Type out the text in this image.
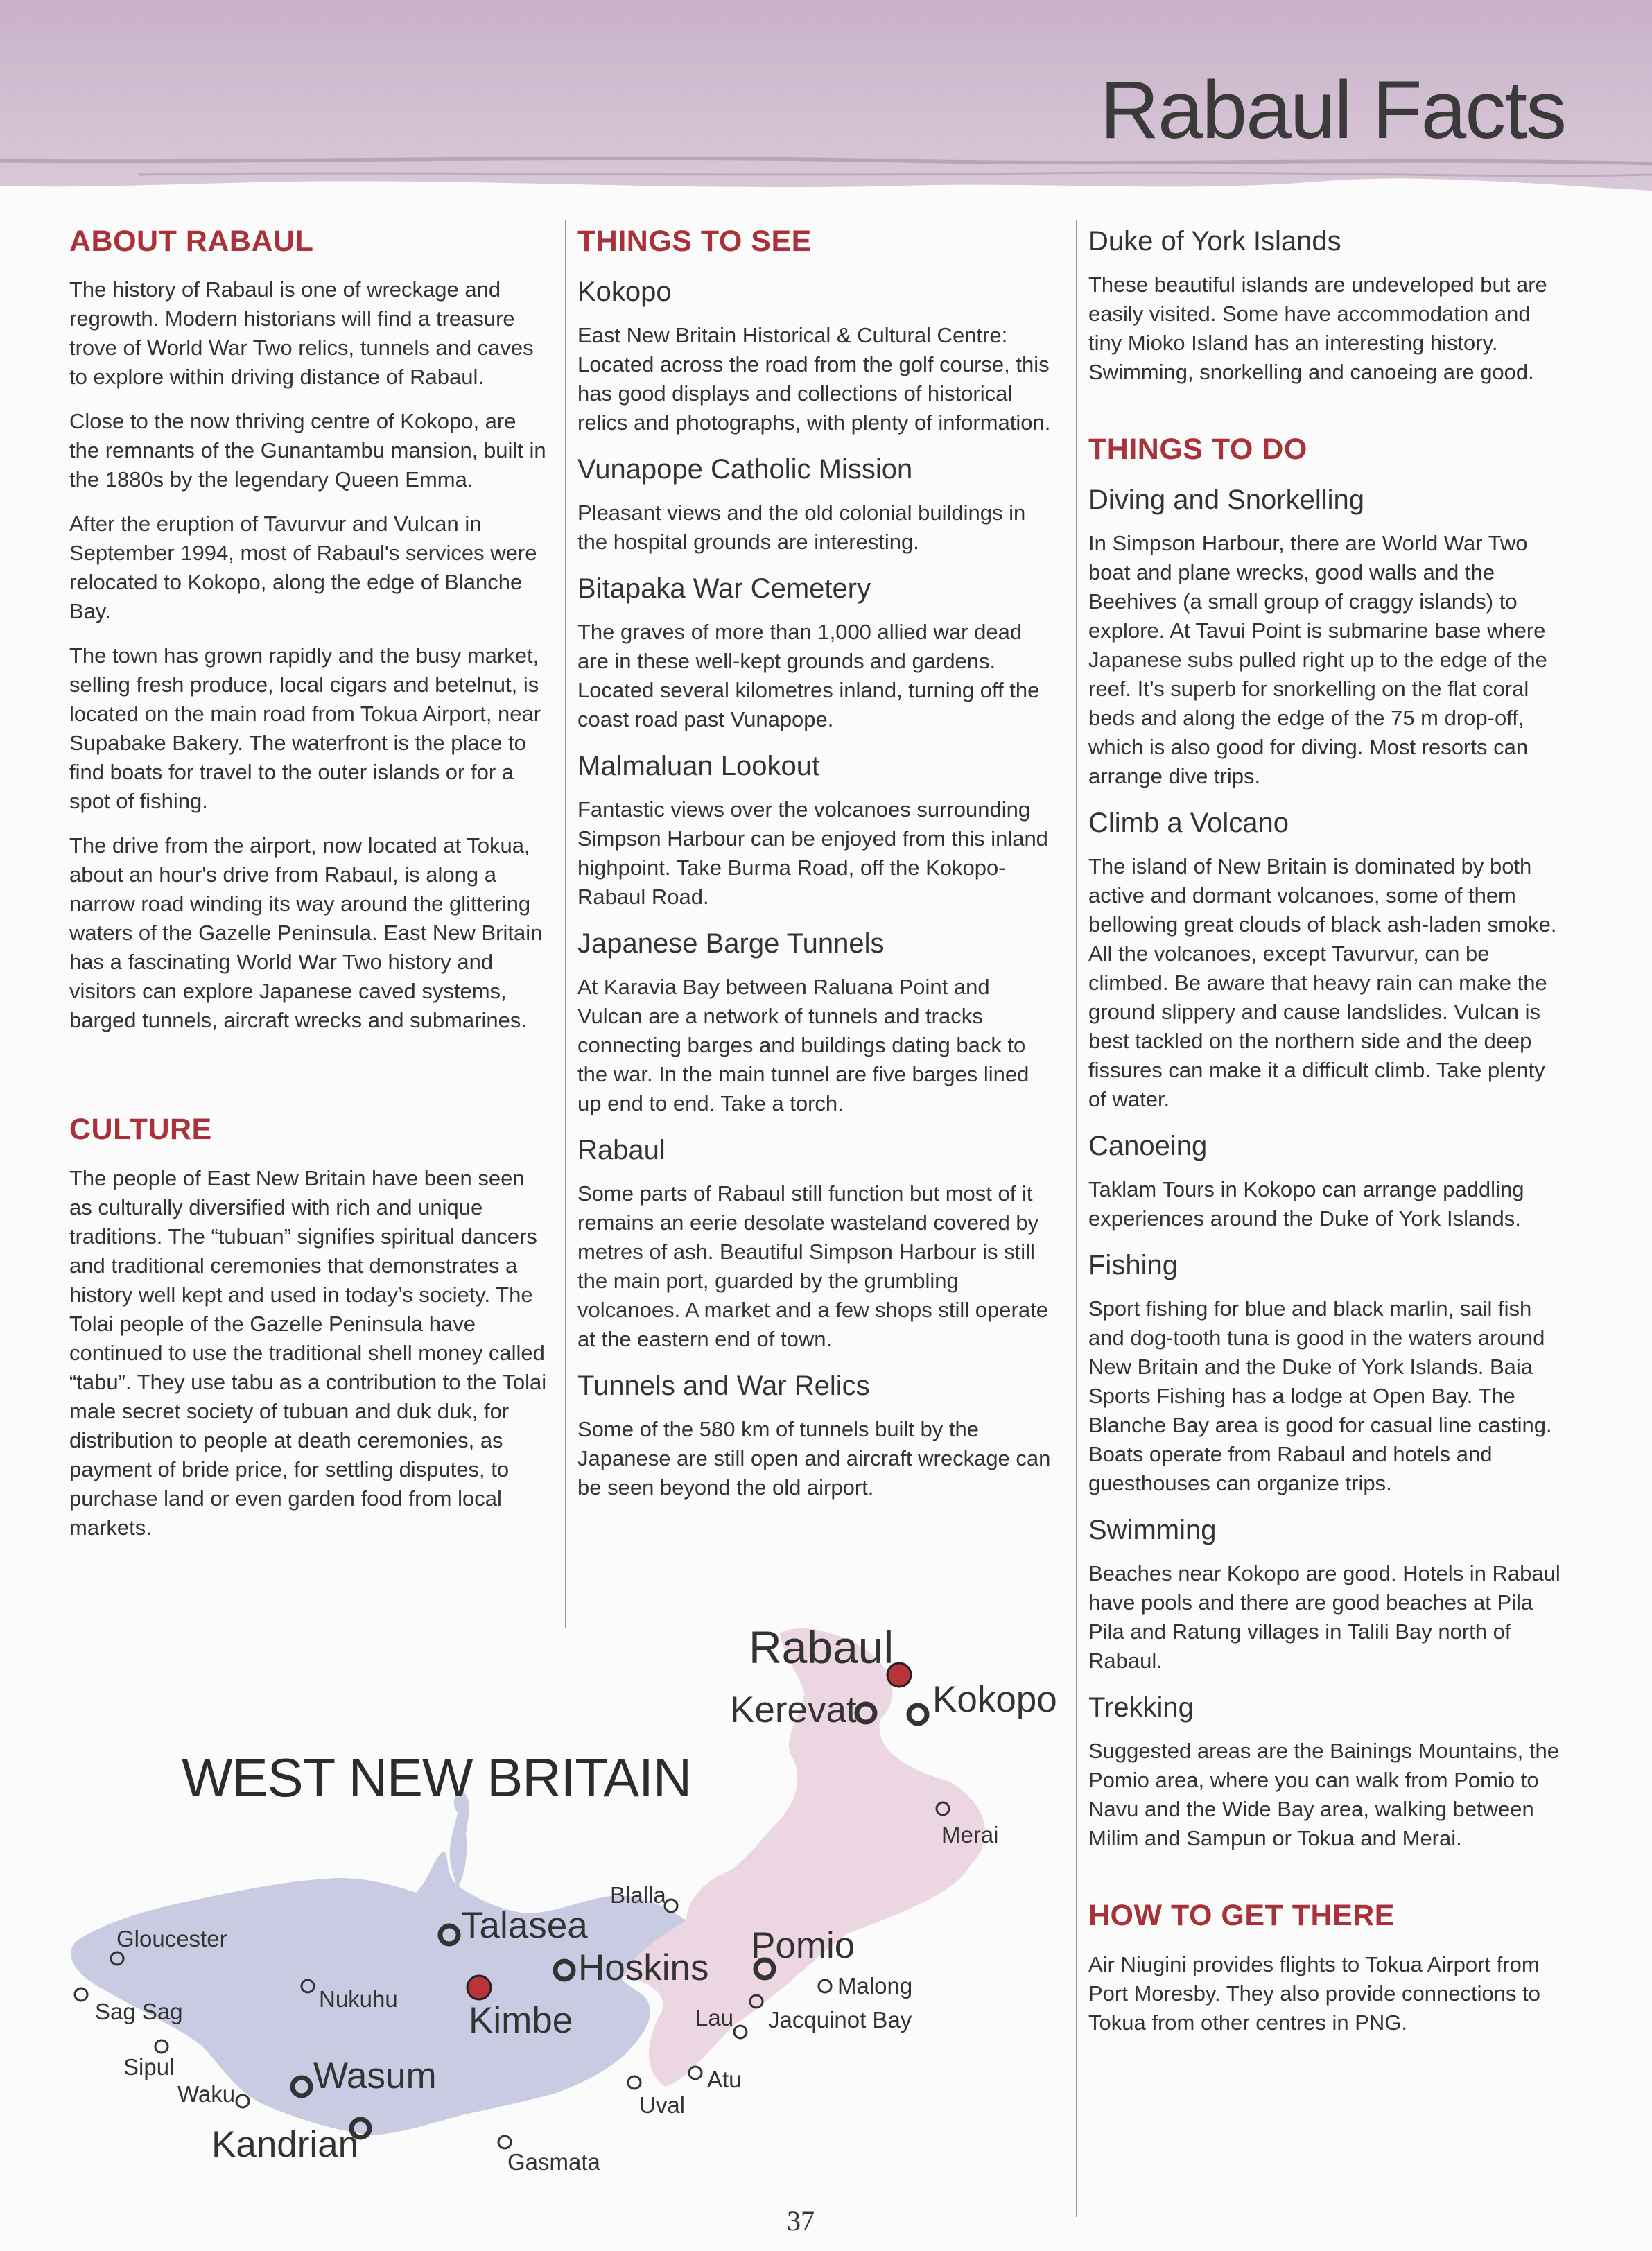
Rabaul Facts
ABOUT RABAUL

The history of Rabaul is one of wreckage and regrowth. Modern historians will find a treasure trove of World War Two relics, tunnels and caves to explore within driving distance of Rabaul.

Close to the now thriving centre of Kokopo, are the remnants of the Gunantambu mansion, built in the 1880s by the legendary Queen Emma.

After the eruption of Tavurvur and Vulcan in September 1994, most of Rabaul's services were relocated to Kokopo, along the edge of Blanche Bay.

The town has grown rapidly and the busy market, selling fresh produce, local cigars and betelnut, is located on the main road from Tokua Airport, near Supabake Bakery. The waterfront is the place to find boats for travel to the outer islands or for a spot of fishing.

The drive from the airport, now located at Tokua, about an hour's drive from Rabaul, is along a narrow road winding its way around the glittering waters of the Gazelle Peninsula. East New Britain has a fascinating World War Two history and visitors can explore Japanese caved systems, barged tunnels, aircraft wrecks and submarines.

CULTURE

The people of East New Britain have been seen as culturally diversified with rich and unique traditions. The “tubuan” signifies spiritual dancers and traditional ceremonies that demonstrates a history well kept and used in today’s society. The Tolai people of the Gazelle Peninsula have continued to use the traditional shell money called “tabu”. They use tabu as a contribution to the Tolai male secret society of tubuan and duk duk, for distribution to people at death ceremonies, as payment of bride price, for settling disputes, to purchase land or even garden food from local markets.

THINGS TO SEE
Kokopo

East New Britain Historical & Cultural Centre: Located across the road from the golf course, this has good displays and collections of historical relics and photographs, with plenty of information.

Vunapope Catholic Mission

Pleasant views and the old colonial buildings in the hospital grounds are interesting.

Bitapaka War Cemetery

The graves of more than 1,000 allied war dead are in these well-kept grounds and gardens. Located several kilometres inland, turning off the coast road past Vunapope.

Malmaluan Lookout

Fantastic views over the volcanoes surrounding Simpson Harbour can be enjoyed from this inland highpoint. Take Burma Road, off the Kokopo-Rabaul Road.

Japanese Barge Tunnels

At Karavia Bay between Raluana Point and Vulcan are a network of tunnels and tracks connecting barges and buildings dating back to the war. In the main tunnel are five barges lined up end to end. Take a torch.

Rabaul

Some parts of Rabaul still function but most of it remains an eerie desolate wasteland covered by metres of ash. Beautiful Simpson Harbour is still the main port, guarded by the grumbling volcanoes. A market and a few shops still operate at the eastern end of town.

Tunnels and War Relics

Some of the 580 km of tunnels built by the Japanese are still open and aircraft wreckage can be seen beyond the old airport.

Duke of York Islands

These beautiful islands are undeveloped but are easily visited. Some have accommodation and tiny Mioko Island has an interesting history. Swimming, snorkelling and canoeing are good.

THINGS TO DO
Diving and Snorkelling

In Simpson Harbour, there are World War Two boat and plane wrecks, good walls and the Beehives (a small group of craggy islands) to explore. At Tavui Point is submarine base where Japanese subs pulled right up to the edge of the reef. It’s superb for snorkelling on the flat coral beds and along the edge of the 75 m drop-off, which is also good for diving. Most resorts can arrange dive trips.

Climb a Volcano

The island of New Britain is dominated by both active and dormant volcanoes, some of them bellowing great clouds of black ash-laden smoke. All the volcanoes, except Tavurvur, can be climbed. Be aware that heavy rain can make the ground slippery and cause landslides. Vulcan is best tackled on the northern side and the deep fissures can make it a difficult climb. Take plenty of water.

Canoeing

Taklam Tours in Kokopo can arrange paddling experiences around the Duke of York Islands.

Fishing

Sport fishing for blue and black marlin, sail fish and dog-tooth tuna is good in the waters around New Britain and the Duke of York Islands. Baia Sports Fishing has a lodge at Open Bay. The Blanche Bay area is good for casual line casting. Boats operate from Rabaul and hotels and guesthouses can organize trips.

Swimming

Beaches near Kokopo are good. Hotels in Rabaul have pools and there are good beaches at Pila Pila and Ratung villages in Talili Bay north of Rabaul.

Trekking

Suggested areas are the Bainings Mountains, the Pomio area, where you can walk from Pomio to Navu and the Wide Bay area, walking between Milim and Sampun or Tokua and Merai.

HOW TO GET THERE

Air Niugini provides flights to Tokua Airport from Port Moresby. They also provide connections to Tokua from other centres in PNG.

WEST NEW BRITAIN
Rabaul
Kerevat Kokopo
Merai
Blalla
Talasea
Hoskins
Pomio
Malong
Gloucester
Sag Sag	Nukuhu
Kimbe	Lau Jacquinot Bay
Sipul
Waku Wasum	Atu
Uval
Kandrian	Gasmata
37
